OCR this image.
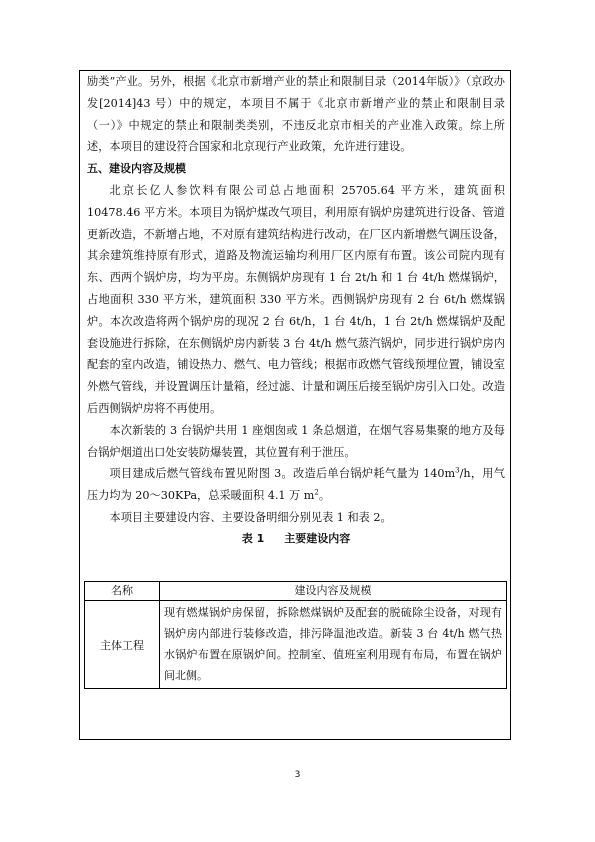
励类”产业。另外，根据《北京市新增产业的禁止和限制目录（2014年版）》（京政办发[2014]43 号）中的规定，本项目不属于《北京市新增产业的禁止和限制目录（一）》中规定的禁止和限制类类别，不违反北京市相关的产业准入政策。综上所述，本项目的建设符合国家和北京现行产业政策，允许进行建设。

五、建设内容及规模

北京长亿人参饮料有限公司总占地面积 25705.64 平方米，建筑面积 10478.46 平方米。本项目为锅炉煤改气项目，利用原有锅炉房建筑进行设备、管道更新改造，不新增占地，不对原有建筑结构进行改动，在厂区内新增燃气调压设备，其余建筑维持原有形式，道路及物流运输均利用厂区内原有布置。该公司院内现有东、西两个锅炉房，均为平房。东侧锅炉房现有 1 台 2t/h 和 1 台 4t/h 燃煤锅炉，占地面积 330 平方米，建筑面积 330 平方米。西侧锅炉房现有 2 台 6t/h 燃煤锅炉。本次改造将两个锅炉房的现况 2 台 6t/h，1 台 4t/h，1 台 2t/h 燃煤锅炉及配套设施进行拆除，在东侧锅炉房内新装 3 台 4t/h 燃气蒸汽锅炉，同步进行锅炉房内配套的室内改造，铺设热力、燃气、电力管线；根据市政燃气管线预埋位置，铺设室外燃气管线，并设置调压计量箱，经过滤、计量和调压后接至锅炉房引入口处。改造后西侧锅炉房将不再使用。

本次新装的 3 台锅炉共用 1 座烟囱或 1 条总烟道，在烟气容易集聚的地方及每台锅炉烟道出口处安装防爆装置，其位置有利于泄压。

项目建成后燃气管线布置见附图 3。改造后单台锅炉耗气量为 $140m^3/h$，用气压力均为 20～30KPa，总采暖面积 4.1 万 $m^2$。

本项目主要建设内容、主要设备明细分别见表 1 和表 2。

表 1 主要建设内容

名称	建设内容及规模
主体工程	现有燃煤锅炉房保留，拆除燃煤锅炉及配套的脱硫除尘设备，对现有锅炉房内部进行装修改造，排污降温池改造。新装 3 台 4t/h 燃气热水锅炉布置在原锅炉间。控制室、值班室利用现有布局，布置在锅炉间北侧。
3
